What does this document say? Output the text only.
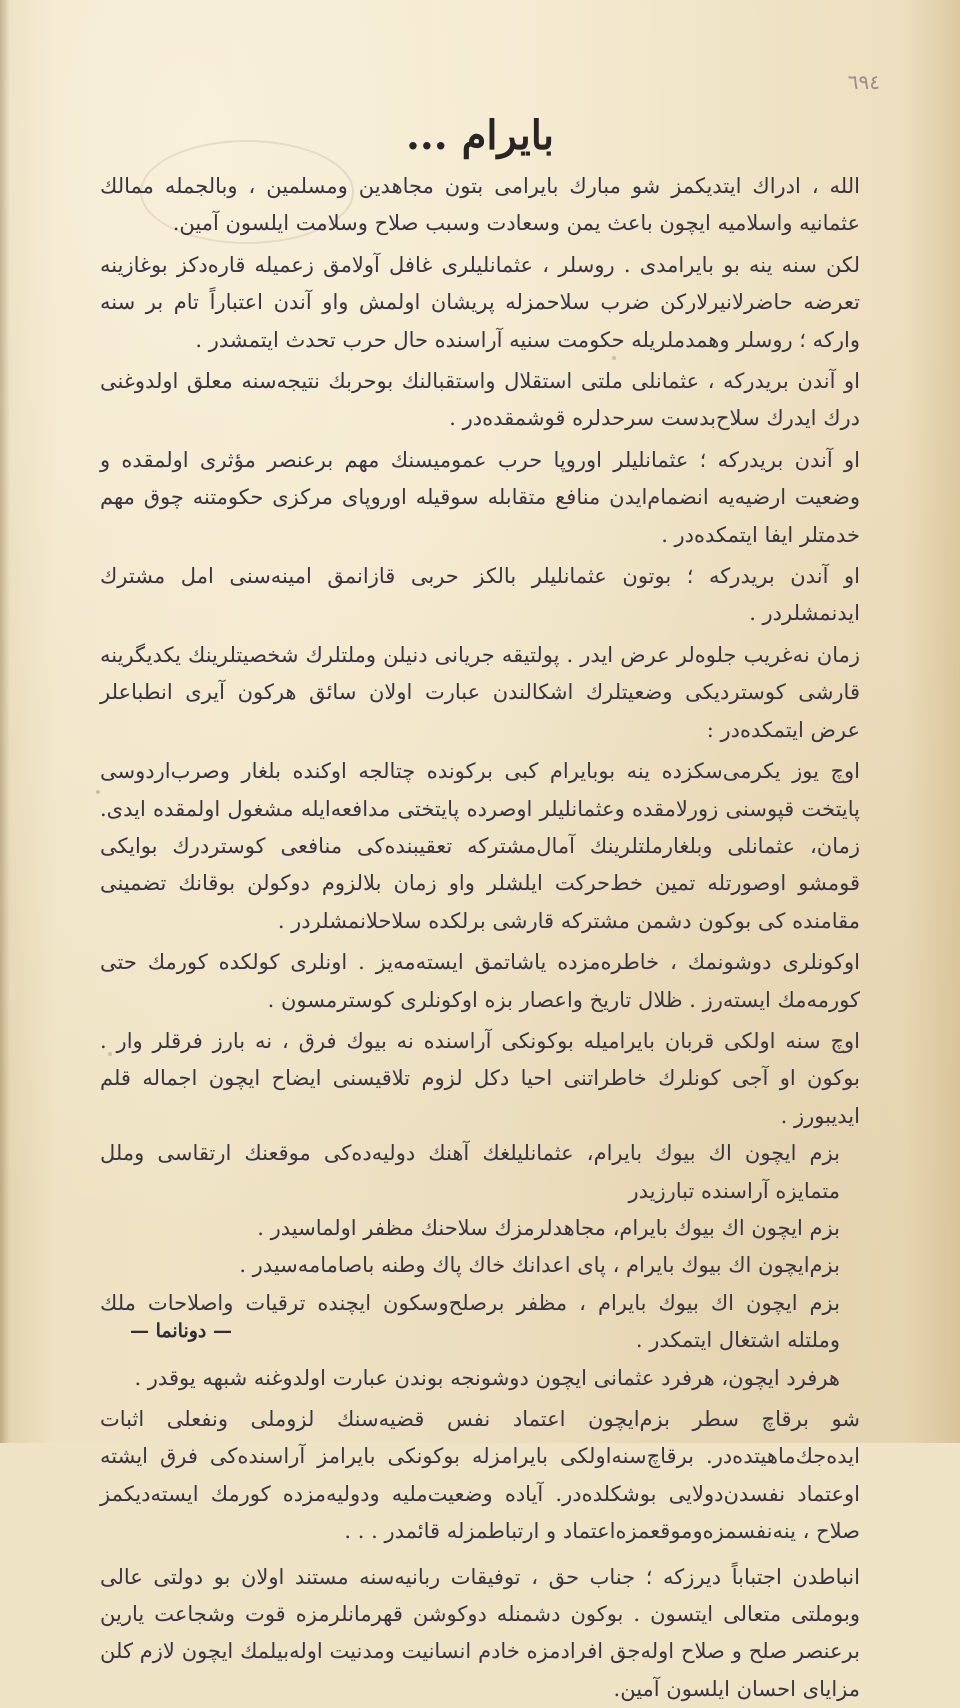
٦٩٤
بایرام ...

الله ، ادراك ایتدیكمز شو مبارك بایرامی بتون مجاهدین ومسلمین ، وبالجمله ممالك عثمانیه واسلامیه ایچون باعث یمن وسعادت وسبب صلاح وسلامت ایلسون آمین.

لكن سنه ینه بو بایرامدی . روسلر ، عثمانلیلری غافل آولامق زعمیله قاره‌دكز بوغازینه تعرضه حاضرلانیرلاركن ضرب سلاحمزله پریشان اولمش واو آندن اعتباراً تام بر سنه واركه ؛ روسلر وهمدملریله حكومت سنیه آراسنده حال حرب تحدث ایتمشدر .

او آندن بریدركه ، عثمانلی ملتی استقلال واستقبالنك بوحربك نتیجه‌سنه معلق اولدوغنی درك ایدرك سلاح‌بدست سرحدلره قوشمقده‌در .

او آندن بریدركه ؛ عثمانلیلر اوروپا حرب عمومیسنك مهم برعنصر مؤثری اولمقده و وضعیت ارضیه‌یه انضمام‌ایدن منافع متقابله سوقیله اوروپای مركزی حكومتنه چوق مهم خدمتلر ایفا ایتمكده‌در .

او آندن بریدركه ؛ بوتون عثمانلیلر بالكز حربی قازانمق امینه‌سنی امل مشترك ایدنمشلردر .

زمان نه‌غریب جلوه‌لر عرض ایدر . پولتیقه جریانی دنیلن وملتلرك شخصیتلرینك یكدیگرینه قارشی كوستردیكی وضعیتلرك اشكالندن عبارت اولان سائق هركون آیری انطباعلر عرض ایتمكده‌در :

اوچ یوز یكرمی‌سكز‌ده ینه بوبایرام كبی بركونده چتالجه اوكنده بلغار وصرب‌اردوسی پایتخت قپوسنی زورلامقده وعثمانلیلر اوصرده پایتختی مدافعه‌ایله مشغول اولمقده ایدی. زمان، عثمانلی وبلغارملتلرینك آمال‌مشتركه تعقیبنده‌كی منافعی كوستردرك بوایكی قومشو اوصورتله تمین خط‌حركت ایلشلر واو زمان بلالزوم دوكولن بوقانك تضمینی مقامنده كی بوكون دشمن مشتركه قارشی برلكده سلاحلانمشلردر .

اوكونلری دوشونمك ، خاطره‌مزده یاشاتمق ایسته‌مه‌یز . اونلری كولكده كورمك حتی كورمه‌مك ایسته‌رز . ظلال تاریخ واعصار بزه اوكونلری كوسترمسون .

اوچ سنه اولكی قربان بایرامیله بوكونكی آراسنده نه بیوك فرق ، نه بارز فرقلر وار . بوكون او آجی كونلرك خاطراتنی احیا دكل لزوم تلاقیسنی ایضاح ایچون اجماله قلم ایدیبورز .

بزم ایچون اك بیوك بایرام، عثمانلیلغك آهنك دولیه‌ده‌كی موقعنك ارتقاسی وملل متمایزه آراسنده تبارزیدر

بزم ایچون اك بیوك بایرام، مجاهدلرمزك سلاحنك مظفر اولماسیدر .

بزم‌ایچون اك بیوك بایرام ، پای اعدانك خاك پاك وطنه باصامامه‌سیدر .

بزم ایچون اك بیوك بایرام ، مظفر برصلح‌وسكون ایچنده ترقیات واصلاحات ملك وملتله اشتغال ایتمكدر .

هرفرد ایچون، هرفرد عثمانی ایچون دوشونجه بوندن عبارت اولدوغنه شبهه یوقدر .

شو برقاچ سطر بزم‌ایچون اعتماد نفس قضیه‌سنك لزوملی ونفعلی اثبات ایده‌جك‌ماهیتده‌در. برقاچ‌سنه‌اولكی بایرامزله بوكونكی بایرامز آراسنده‌كی فرق ایشته اوعتماد نفسدن‌دولایی بوشكلده‌در. آیاده وضعیت‌ملیه ودولیه‌مزده كورمك ایسته‌دیكمز صلاح ، ینه‌نفسمزه‌وموقعمزه‌اعتماد و ارتباطمزله قائمدر . . .

انباطدن اجتباباً دیرزكه ؛ جناب حق ، توفیقات ربانیه‌سنه مستند اولان بو دولتی عالی وبوملتی متعالی ایتسون . بوكون دشمنله دوكوشن قهرمانلرمزه قوت وشجاعت یارین برعنصر صلح و صلاح اوله‌جق افرادمزه خادم انسانیت ومدنیت اوله‌بیلمك ایچون لازم كلن مزایای احسان ایلسون آمین.

— دونانما —
